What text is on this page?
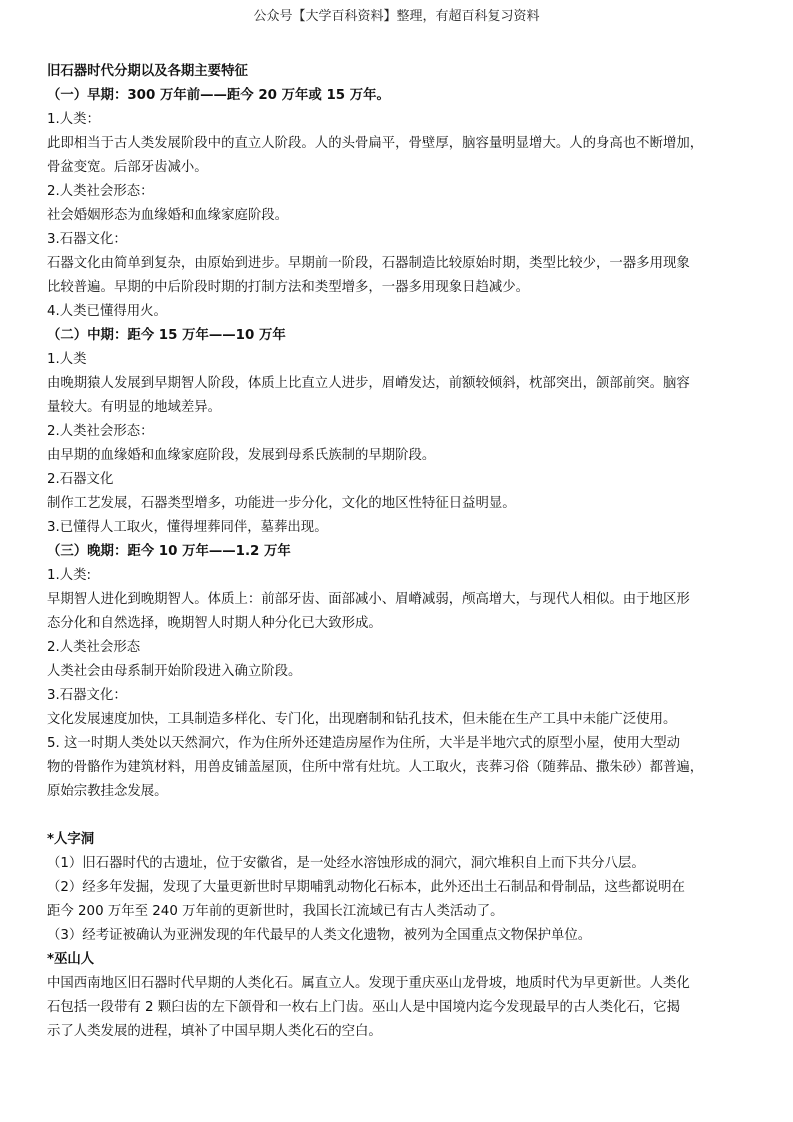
公众号【大学百科资料】整理，有超百科复习资料

旧石器时代分期以及各期主要特征

（一）早期：300 万年前——距今 20 万年或 15 万年。

1.人类：

此即相当于古人类发展阶段中的直立人阶段。人的头骨扁平，骨壁厚，脑容量明显增大。人的身高也不断增加，

骨盆变宽。后部牙齿减小。

2.人类社会形态：

社会婚姻形态为血缘婚和血缘家庭阶段。

3.石器文化：

石器文化由简单到复杂，由原始到进步。早期前一阶段，石器制造比较原始时期，类型比较少，一器多用现象

比较普遍。早期的中后阶段时期的打制方法和类型增多，一器多用现象日趋减少。

4.人类已懂得用火。

（二）中期：距今 15 万年——10 万年

1.人类

由晚期猿人发展到早期智人阶段，体质上比直立人进步，眉嵴发达，前额较倾斜，枕部突出，颌部前突。脑容

量较大。有明显的地域差异。

2.人类社会形态：

由早期的血缘婚和血缘家庭阶段，发展到母系氏族制的早期阶段。

2.石器文化

制作工艺发展，石器类型增多，功能进一步分化，文化的地区性特征日益明显。

3.已懂得人工取火，懂得埋葬同伴，墓葬出现。

（三）晚期：距今 10 万年——1.2 万年

1.人类:

早期智人进化到晚期智人。体质上：前部牙齿、面部减小、眉嵴减弱，颅高增大，与现代人相似。由于地区形

态分化和自然选择，晚期智人时期人种分化已大致形成。

2.人类社会形态

人类社会由母系制开始阶段进入确立阶段。

3.石器文化：

文化发展速度加快，工具制造多样化、专门化，出现磨制和钻孔技术，但未能在生产工具中未能广泛使用。

5. 这一时期人类处以天然洞穴，作为住所外还建造房屋作为住所，大半是半地穴式的原型小屋，使用大型动

物的骨骼作为建筑材料，用兽皮铺盖屋顶，住所中常有灶坑。人工取火，丧葬习俗（随葬品、撒朱砂）都普遍，

原始宗教挂念发展。

*人字洞

（1）旧石器时代的古遗址，位于安徽省，是一处经水溶蚀形成的洞穴，洞穴堆积自上而下共分八层。

（2）经多年发掘，发现了大量更新世时早期哺乳动物化石标本，此外还出土石制品和骨制品，这些都说明在

距今 200 万年至 240 万年前的更新世时，我国长江流域已有古人类活动了。

（3）经考证被确认为亚洲发现的年代最早的人类文化遗物，被列为全国重点文物保护单位。

*巫山人

中国西南地区旧石器时代早期的人类化石。属直立人。发现于重庆巫山龙骨坡，地质时代为早更新世。人类化

石包括一段带有 2 颗臼齿的左下颌骨和一枚右上门齿。巫山人是中国境内迄今发现最早的古人类化石，它揭

示了人类发展的进程，填补了中国早期人类化石的空白。
